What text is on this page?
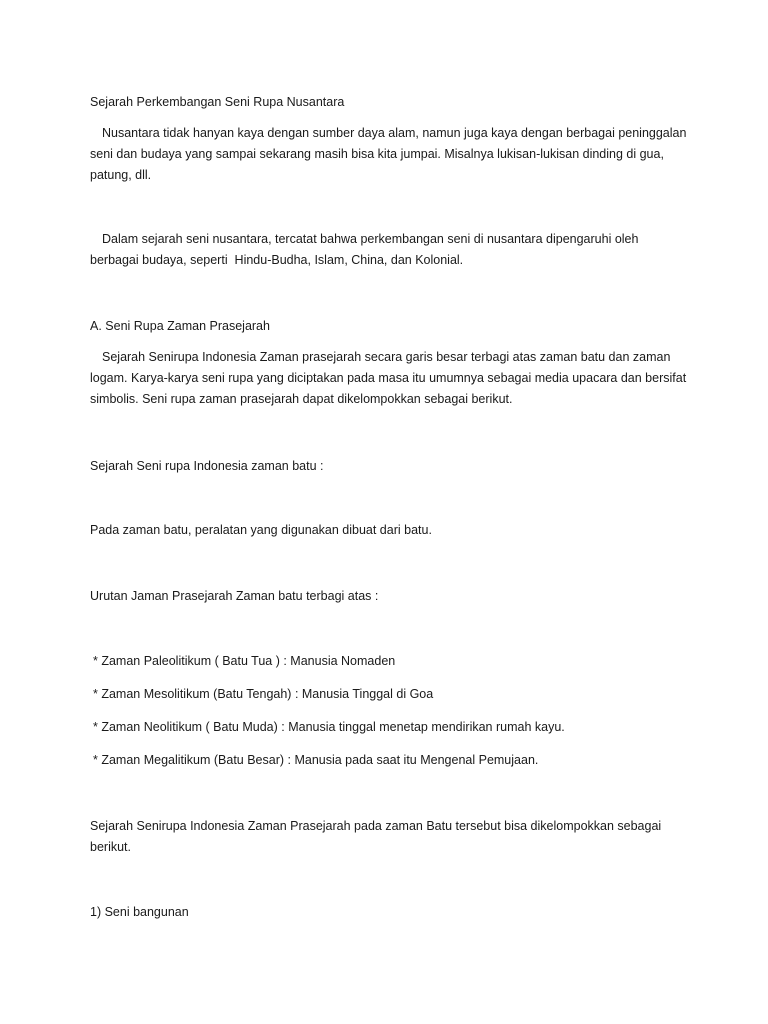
Sejarah Perkembangan Seni Rupa Nusantara
Nusantara tidak hanyan kaya dengan sumber daya alam, namun juga kaya dengan berbagai peninggalan seni dan budaya yang sampai sekarang masih bisa kita jumpai. Misalnya lukisan-lukisan dinding di gua, patung, dll.
Dalam sejarah seni nusantara, tercatat bahwa perkembangan seni di nusantara dipengaruhi oleh berbagai budaya, seperti  Hindu-Budha, Islam, China, dan Kolonial.
A. Seni Rupa Zaman Prasejarah
Sejarah Senirupa Indonesia Zaman prasejarah secara garis besar terbagi atas zaman batu dan zaman logam. Karya-karya seni rupa yang diciptakan pada masa itu umumnya sebagai media upacara dan bersifat simbolis. Seni rupa zaman prasejarah dapat dikelompokkan sebagai berikut.
Sejarah Seni rupa Indonesia zaman batu :
Pada zaman batu, peralatan yang digunakan dibuat dari batu.
Urutan Jaman Prasejarah Zaman batu terbagi atas :
* Zaman Paleolitikum ( Batu Tua ) : Manusia Nomaden
* Zaman Mesolitikum (Batu Tengah) : Manusia Tinggal di Goa
* Zaman Neolitikum ( Batu Muda) : Manusia tinggal menetap mendirikan rumah kayu.
* Zaman Megalitikum (Batu Besar) : Manusia pada saat itu Mengenal Pemujaan.
Sejarah Senirupa Indonesia Zaman Prasejarah pada zaman Batu tersebut bisa dikelompokkan sebagai berikut.
1) Seni bangunan
